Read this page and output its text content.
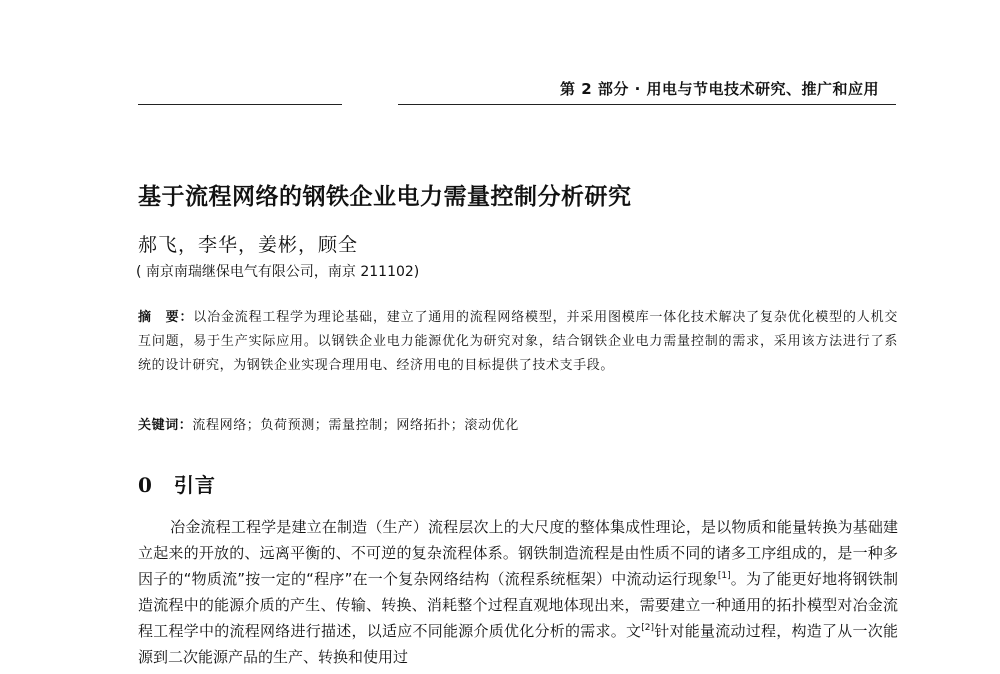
第 2 部分 · 用电与节电技术研究、推广和应用
基于流程网络的钢铁企业电力需量控制分析研究
郝飞，李华，姜彬，顾全
( 南京南瑞继保电气有限公司，南京 211102)
摘　要：以冶金流程工程学为理论基础，建立了通用的流程网络模型，并采用图模库一体化技术解决了复杂优化模型的人机交互问题，易于生产实际应用。以钢铁企业电力能源优化为研究对象，结合钢铁企业电力需量控制的需求，采用该方法进行了系统的设计研究，为钢铁企业实现合理用电、经济用电的目标提供了技术支手段。
关键词：流程网络；负荷预测；需量控制；网络拓扑；滚动优化
0　引言
冶金流程工程学是建立在制造（生产）流程层次上的大尺度的整体集成性理论，是以物质和能量转换为基础建立起来的开放的、远离平衡的、不可逆的复杂流程体系。钢铁制造流程是由性质不同的诸多工序组成的，是一种多因子的“物质流”按一定的“程序”在一个复杂网络结构（流程系统框架）中流动运行现象[1]。为了能更好地将钢铁制造流程中的能源介质的产生、传输、转换、消耗整个过程直观地体现出来，需要建立一种通用的拓扑模型对冶金流程工程学中的流程网络进行描述，以适应不同能源介质优化分析的需求。文[2]针对能量流动过程，构造了从一次能源到二次能源产品的生产、转换和使用过
